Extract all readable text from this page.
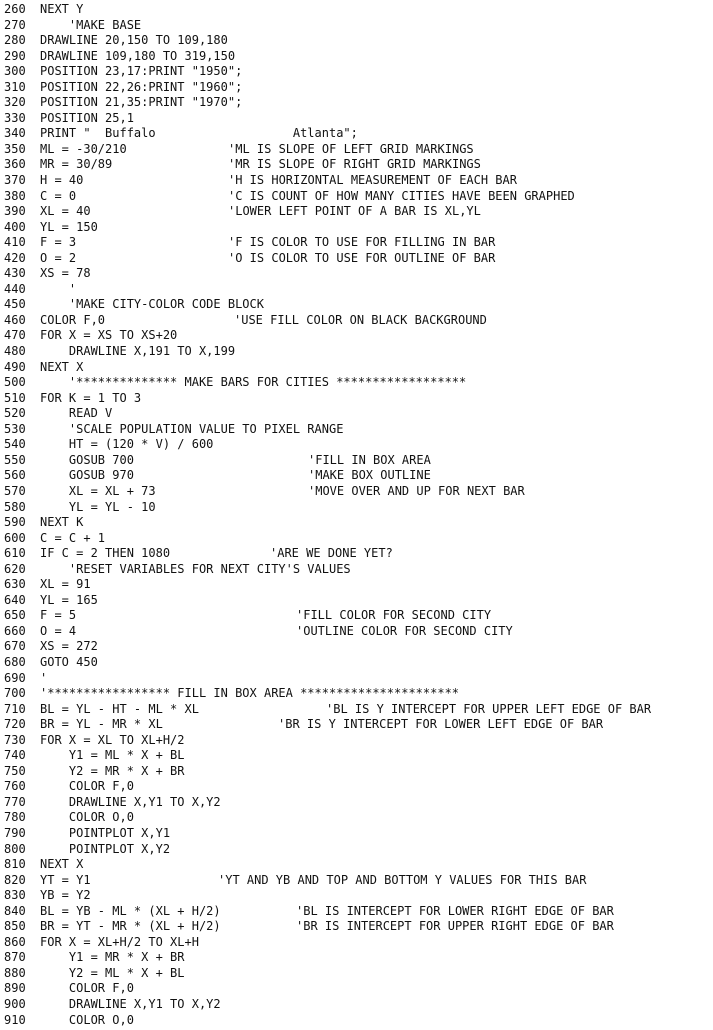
260 NEXT Y
270 'MAKE BASE
280 DRAWLINE 20,150 TO 109,180
290 DRAWLINE 109,180 TO 319,150
300 POSITION 23,17:PRINT "1950";
310 POSITION 22,26:PRINT "1960";
320 POSITION 21,35:PRINT "1970";
330 POSITION 25,1
340 PRINT "  Buffalo                   Atlanta";
350 ML = -30/210	'ML IS SLOPE OF LEFT GRID MARKINGS
360 MR = 30/89	'MR IS SLOPE OF RIGHT GRID MARKINGS
370 H = 40	'H IS HORIZONTAL MEASUREMENT OF EACH BAR
380 C = 0	'C IS COUNT OF HOW MANY CITIES HAVE BEEN GRAPHED
390 XL = 40	'LOWER LEFT POINT OF A BAR IS XL,YL
400 YL = 150
410 F = 3	'F IS COLOR TO USE FOR FILLING IN BAR
420 O = 2	'O IS COLOR TO USE FOR OUTLINE OF BAR
430 XS = 78
440 '
450 'MAKE CITY-COLOR CODE BLOCK
460 COLOR F,0	'USE FILL COLOR ON BLACK BACKGROUND
470 FOR X = XS TO XS+20
480 DRAWLINE X,191 TO X,199
490 NEXT X
500 '************** MAKE BARS FOR CITIES ******************
510 FOR K = 1 TO 3
520 READ V
530 'SCALE POPULATION VALUE TO PIXEL RANGE
540 HT = (120 * V) / 600
550 GOSUB 700	'FILL IN BOX AREA
560 GOSUB 970	'MAKE BOX OUTLINE
570 XL = XL + 73	'MOVE OVER AND UP FOR NEXT BAR
580 YL = YL - 10
590 NEXT K
600 C = C + 1
610 IF C = 2 THEN 1080	'ARE WE DONE YET?
620 'RESET VARIABLES FOR NEXT CITY'S VALUES
630 XL = 91
640 YL = 165
650 F = 5	'FILL COLOR FOR SECOND CITY
660 O = 4	'OUTLINE COLOR FOR SECOND CITY
670 XS = 272
680 GOTO 450
690 '
700 '***************** FILL IN BOX AREA **********************
710 BL = YL - HT - ML * XL	'BL IS Y INTERCEPT FOR UPPER LEFT EDGE OF BAR
720 BR = YL - MR * XL	'BR IS Y INTERCEPT FOR LOWER LEFT EDGE OF BAR
730 FOR X = XL TO XL+H/2
740 Y1 = ML * X + BL
750 Y2 = MR * X + BR
760 COLOR F,0
770 DRAWLINE X,Y1 TO X,Y2
780 COLOR O,0
790 POINTPLOT X,Y1
800 POINTPLOT X,Y2
810 NEXT X
820 YT = Y1	'YT AND YB AND TOP AND BOTTOM Y VALUES FOR THIS BAR
830 YB = Y2
840 BL = YB - ML * (XL + H/2)	'BL IS INTERCEPT FOR LOWER RIGHT EDGE OF BAR
850 BR = YT - MR * (XL + H/2)	'BR IS INTERCEPT FOR UPPER RIGHT EDGE OF BAR
860 FOR X = XL+H/2 TO XL+H
870 Y1 = MR * X + BR
880 Y2 = ML * X + BL
890 COLOR F,0
900 DRAWLINE X,Y1 TO X,Y2
910 COLOR O,0
